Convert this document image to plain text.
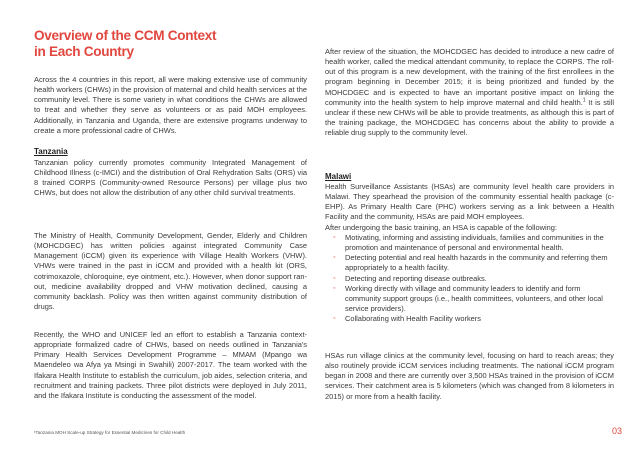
Overview of the CCM Context
in Each Country

Across the 4 countries in this report, all were making extensive use of community health workers (CHWs) in the provision of maternal and child health services at the community level. There is some variety in what conditions the CHWs are allowed to treat and whether they serve as volunteers or as paid MOH employees. Additionally, in Tanzania and Uganda, there are extensive programs underway to create a more professional cadre of CHWs.

Tanzania

Tanzanian policy currently promotes community Integrated Management of Childhood Illness (c-IMCI) and the distribution of Oral Rehydration Salts (ORS) via 8 trained CORPS (Community-owned Resource Persons) per village plus two CHWs, but does not allow the distribution of any other child survival treatments.

The Ministry of Health, Community Development, Gender, Elderly and Children (MOHCDGEC) has written policies against integrated Community Case Management (iCCM) given its experience with Village Health Workers (VHW). VHWs were trained in the past in iCCM and provided with a health kit (ORS, cotrimoxazole, chloroquine, eye ointment, etc.). However, when donor support ran-out, medicine availability dropped and VHW motivation declined, causing a community backlash. Policy was then written against community distribution of drugs.

Recently, the WHO and UNICEF led an effort to establish a Tanzania context-appropriate formalized cadre of CHWs, based on needs outlined in Tanzania's Primary Health Services Development Programme – MMAM (Mpango wa Maendeleo wa Afya ya Msingi in Swahili) 2007-2017. The team worked with the Ifakara Health Institute to establish the curriculum, job aides, selection criteria, and recruitment and training packets. Three pilot districts were deployed in July 2011, and the Ifakara Institute is conducting the assessment of the model.

After review of the situation, the MOHCDGEC has decided to introduce a new cadre of health worker, called the medical attendant community, to replace the CORPS. The roll-out of this program is a new development, with the training of the first enrollees in the program beginning in December 2015; it is being prioritized and funded by the MOHCDGEC and is expected to have an important positive impact on linking the community into the health system to help improve maternal and child health.$^1$ It is still unclear if these new CHWs will be able to provide treatments, as although this is part of the training package, the MOHCDGEC has concerns about the ability to provide a reliable drug supply to the community level.

Malawi

Health Surveillance Assistants (HSAs) are community level health care providers in Malawi. They spearhead the provision of the community essential health package (c-EHP). As Primary Health Care (PHC) workers serving as a link between a Health Facility and the community, HSAs are paid MOH employees.

After undergoing the basic training, an HSA is capable of the following:

◦ Motivating, informing and assisting individuals, families and communities in the promotion and maintenance of personal and environmental health.
◦ Detecting potential and real health hazards in the community and referring them appropriately to a health facility.
◦ Detecting and reporting disease outbreaks.
◦ Working directly with village and community leaders to identify and form community support groups (i.e., health committees, volunteers, and other local service providers).
◦ Collaborating with Health Facility workers

HSAs run village clinics at the community level, focusing on hard to reach areas; they also routinely provide iCCM services including treatments. The national iCCM program began in 2008 and there are currently over 3,500 HSAs trained in the provision of iCCM services. Their catchment area is 5 kilometers (which was changed from 8 kilometers in 2015) or more from a health facility.

¹Tanzania MOH Scale-up Strategy for Essential Medicines for Child Health	03
